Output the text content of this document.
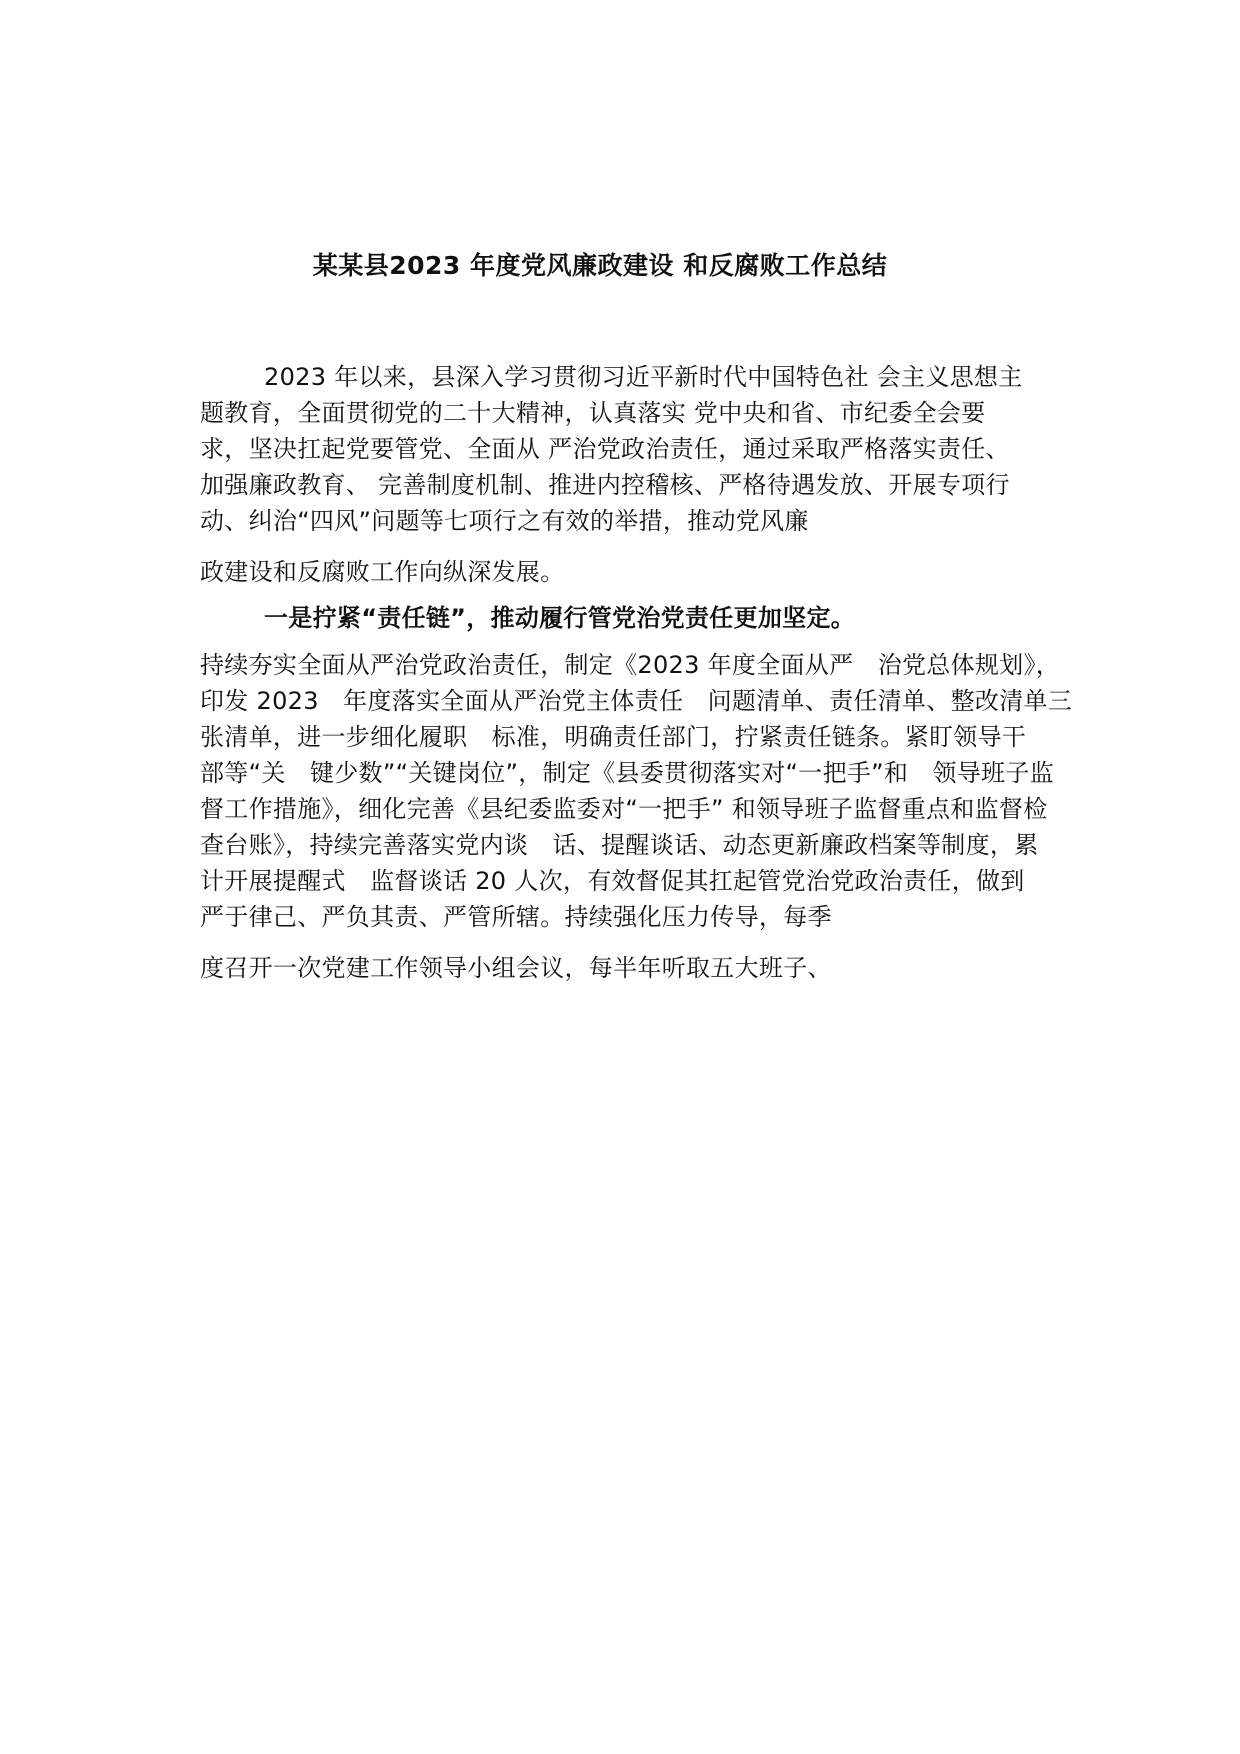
某某县2023 年度党风廉政建设 和反腐败工作总结
2023 年以来，县深入学习贯彻习近平新时代中国特色社 会主义思想主
题教育，全面贯彻党的二十大精神，认真落实 党中央和省、市纪委全会要
求，坚决扛起党要管党、全面从 严治党政治责任，通过采取严格落实责任、
加强廉政教育、 完善制度机制、推进内控稽核、严格待遇发放、开展专项行
动、纠治“四风”问题等七项行之有效的举措，推动党风廉
政建设和反腐败工作向纵深发展。
一是拧紧“责任链”，推动履行管党治党责任更加坚定。
持续夯实全面从严治党政治责任，制定《2023 年度全面从严　治党总体规划》，
印发 2023　年度落实全面从严治党主体责任　问题清单、责任清单、整改清单三
张清单，进一步细化履职　标准，明确责任部门，拧紧责任链条。紧盯领导干
部等“关　键少数”“关键岗位”，制定《县委贯彻落实对“一把手”和　领导班子监
督工作措施》，细化完善《县纪委监委对“一把手” 和领导班子监督重点和监督检
查台账》，持续完善落实党内谈　话、提醒谈话、动态更新廉政档案等制度，累
计开展提醒式　监督谈话 20 人次，有效督促其扛起管党治党政治责任，做到
严于律己、严负其责、严管所辖。持续强化压力传导，每季
度召开一次党建工作领导小组会议，每半年听取五大班子、
